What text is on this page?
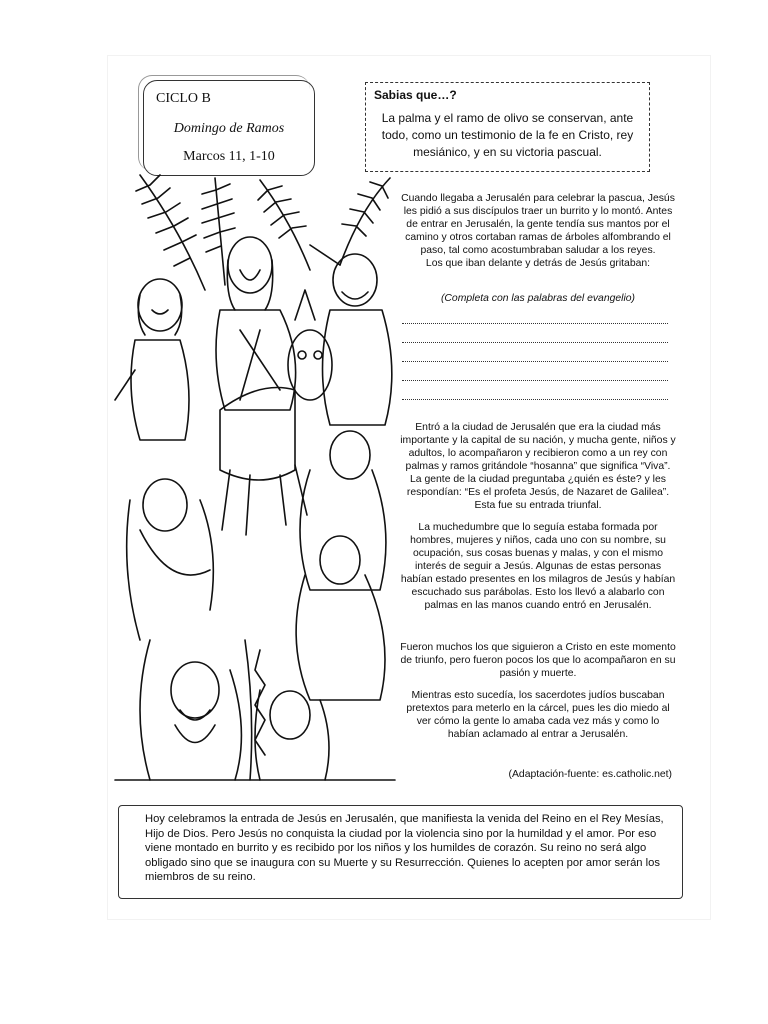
CICLO B
Domingo de Ramos
Marcos 11, 1-10
Sabias que…?
La palma y el ramo de olivo se conservan, ante todo, como un testimonio de la fe en Cristo, rey mesiánico, y en su victoria pascual.

Cuando llegaba a Jerusalén para celebrar la pascua, Jesús les pidió a sus discípulos traer un burrito y lo montó. Antes de entrar en Jerusalén, la gente tendía sus mantos por el camino y otros cortaban ramas de árboles alfombrando el paso, tal como acostumbraban saludar a los reyes.

Los que iban delante y detrás de Jesús gritaban:

(Completa con las palabras del evangelio)

Entró a la ciudad de Jerusalén que era la ciudad más importante y la capital de su nación, y mucha gente, niños y adultos, lo acompañaron y recibieron como a un rey con palmas y ramos gritándole “hosanna” que significa “Viva”. La gente de la ciudad preguntaba ¿quién es éste? y les respondían: “Es el profeta Jesús, de Nazaret de Galilea”. Esta fue su entrada triunfal.

La muchedumbre que lo seguía estaba formada por hombres, mujeres y niños, cada uno con su nombre, su ocupación, sus cosas buenas y malas, y con el mismo interés de seguir a Jesús. Algunas de estas personas habían estado presentes en los milagros de Jesús y habían escuchado sus parábolas. Esto los llevó a alabarlo con palmas en las manos cuando entró en Jerusalén.

Fueron muchos los que siguieron a Cristo en este momento de triunfo, pero fueron pocos los que lo acompañaron en su pasión y muerte.

Mientras esto sucedía, los sacerdotes judíos buscaban pretextos para meterlo en la cárcel, pues les dio miedo al ver cómo la gente lo amaba cada vez más y como lo habían aclamado al entrar a Jerusalén.

(Adaptación-fuente: es.catholic.net)
Hoy celebramos la entrada de Jesús en Jerusalén, que manifiesta la venida del Reino en el Rey Mesías, Hijo de Dios. Pero Jesús no conquista la ciudad por la violencia sino por la humildad y el amor. Por eso viene montado en burrito y es recibido por los niños y los humildes de corazón. Su reino no será algo obligado sino que se inaugura con su Muerte y su Resurrección. Quienes lo acepten por amor serán los miembros de su reino.
